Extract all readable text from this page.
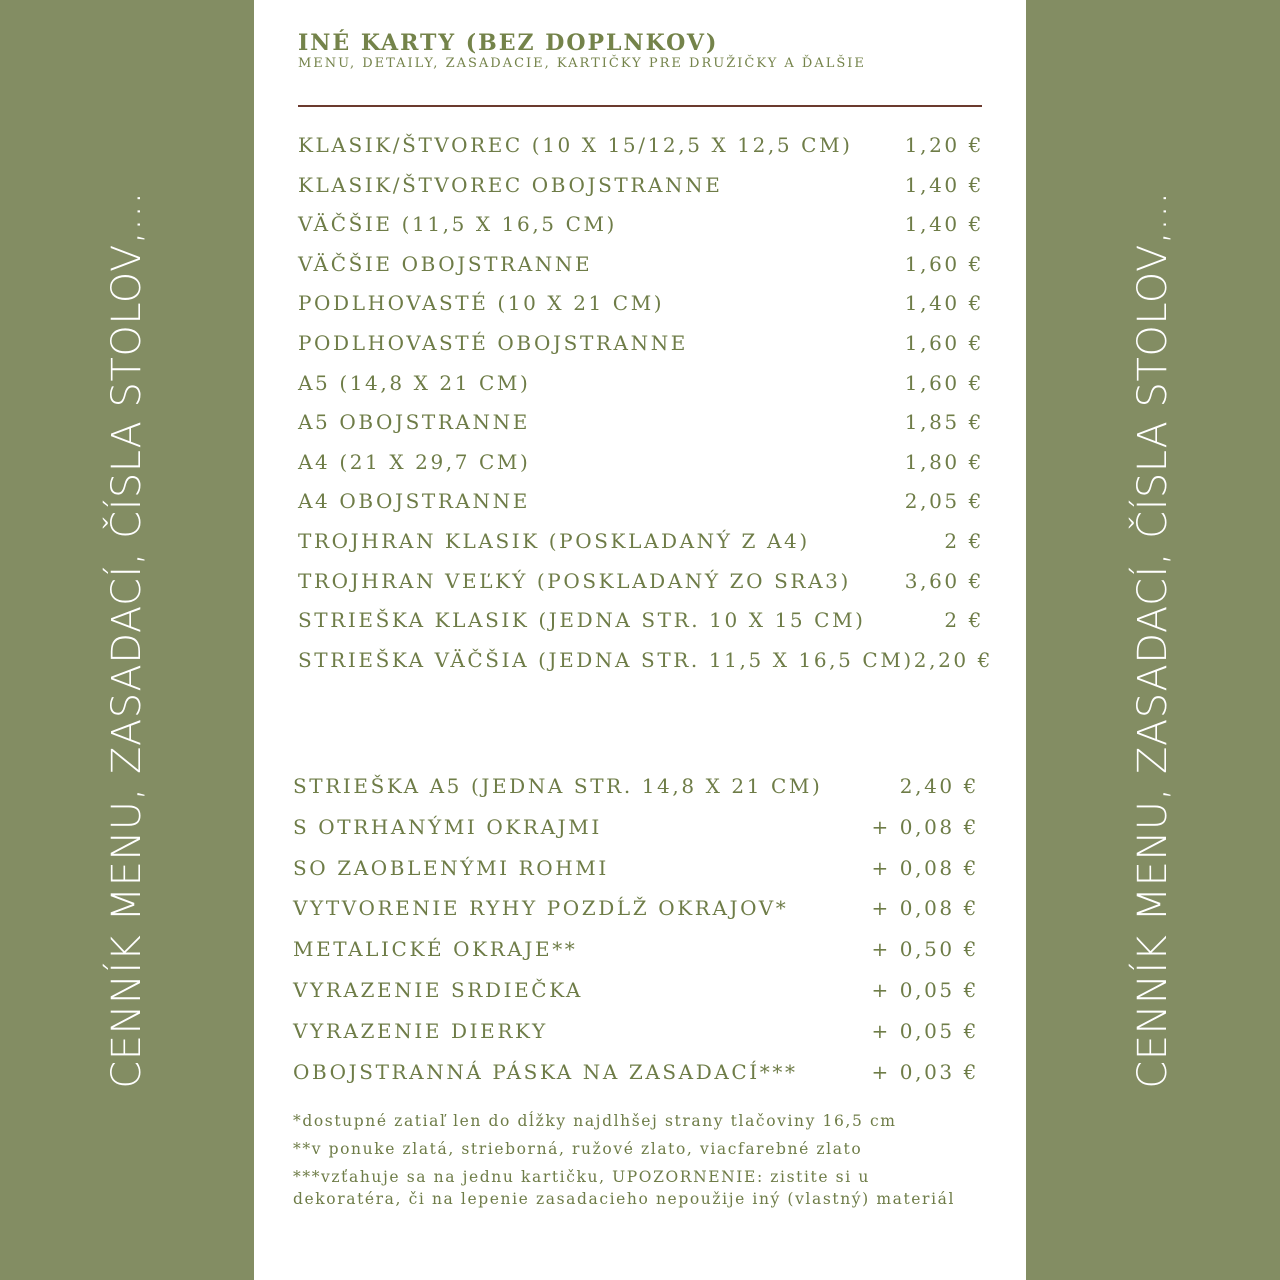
CENNÍK MENU, ZASADACÍ, ČÍSLA STOLOV,...
INÉ KARTY (BEZ DOPLNKOV)
MENU, DETAILY, ZASADACIE, KARTIČKY PRE DRUŽIČKY A ĎALŠIE
KLASIK/ŠTVOREC (10 X 15/12,5 X 12,5 CM)	1,20 €
KLASIK/ŠTVOREC OBOJSTRANNE	1,40 €
VÄČŠIE (11,5 X 16,5 CM)	1,40 €
VÄČŠIE OBOJSTRANNE	1,60 €
PODLHOVASTÉ (10 X 21 CM)	1,40 €
PODLHOVASTÉ OBOJSTRANNE	1,60 €
A5 (14,8 X 21 CM)	1,60 €
A5 OBOJSTRANNE	1,85 €
A4 (21 X 29,7 CM)	1,80 €
A4 OBOJSTRANNE	2,05 €
TROJHRAN KLASIK (POSKLADANÝ Z A4)	2 €
TROJHRAN VEĽKÝ (POSKLADANÝ ZO SRA3)	3,60 €
STRIEŠKA KLASIK (JEDNA STR. 10 X 15 CM)	2 €
STRIEŠKA VÄČŠIA (JEDNA STR. 11,5 X 16,5 CM) 2,20 €
STRIEŠKA A5 (JEDNA STR. 14,8 X 21 CM)	2,40 €
S OTRHANÝMI OKRAJMI	+ 0,08 €
SO ZAOBLENÝMI ROHMI	+ 0,08 €
VYTVORENIE RYHY POZDĹŽ OKRAJOV*	+ 0,08 €
METALICKÉ OKRAJE**	+ 0,50 €
VYRAZENIE SRDIEČKA	+ 0,05 €
VYRAZENIE DIERKY	+ 0,05 €
OBOJSTRANNÁ PÁSKA NA ZASADACÍ***	+ 0,03 €
*dostupné zatiaľ len do dĺžky najdlhšej strany tlačoviny 16,5 cm
**v ponuke zlatá, strieborná, ružové zlato, viacfarebné zlato
***vzťahuje sa na jednu kartičku, UPOZORNENIE: zistite si u dekoratéra, či na lepenie zasadacieho nepoužije iný (vlastný) materiál
CENNÍK MENU, ZASADACÍ, ČÍSLA STOLOV,...
